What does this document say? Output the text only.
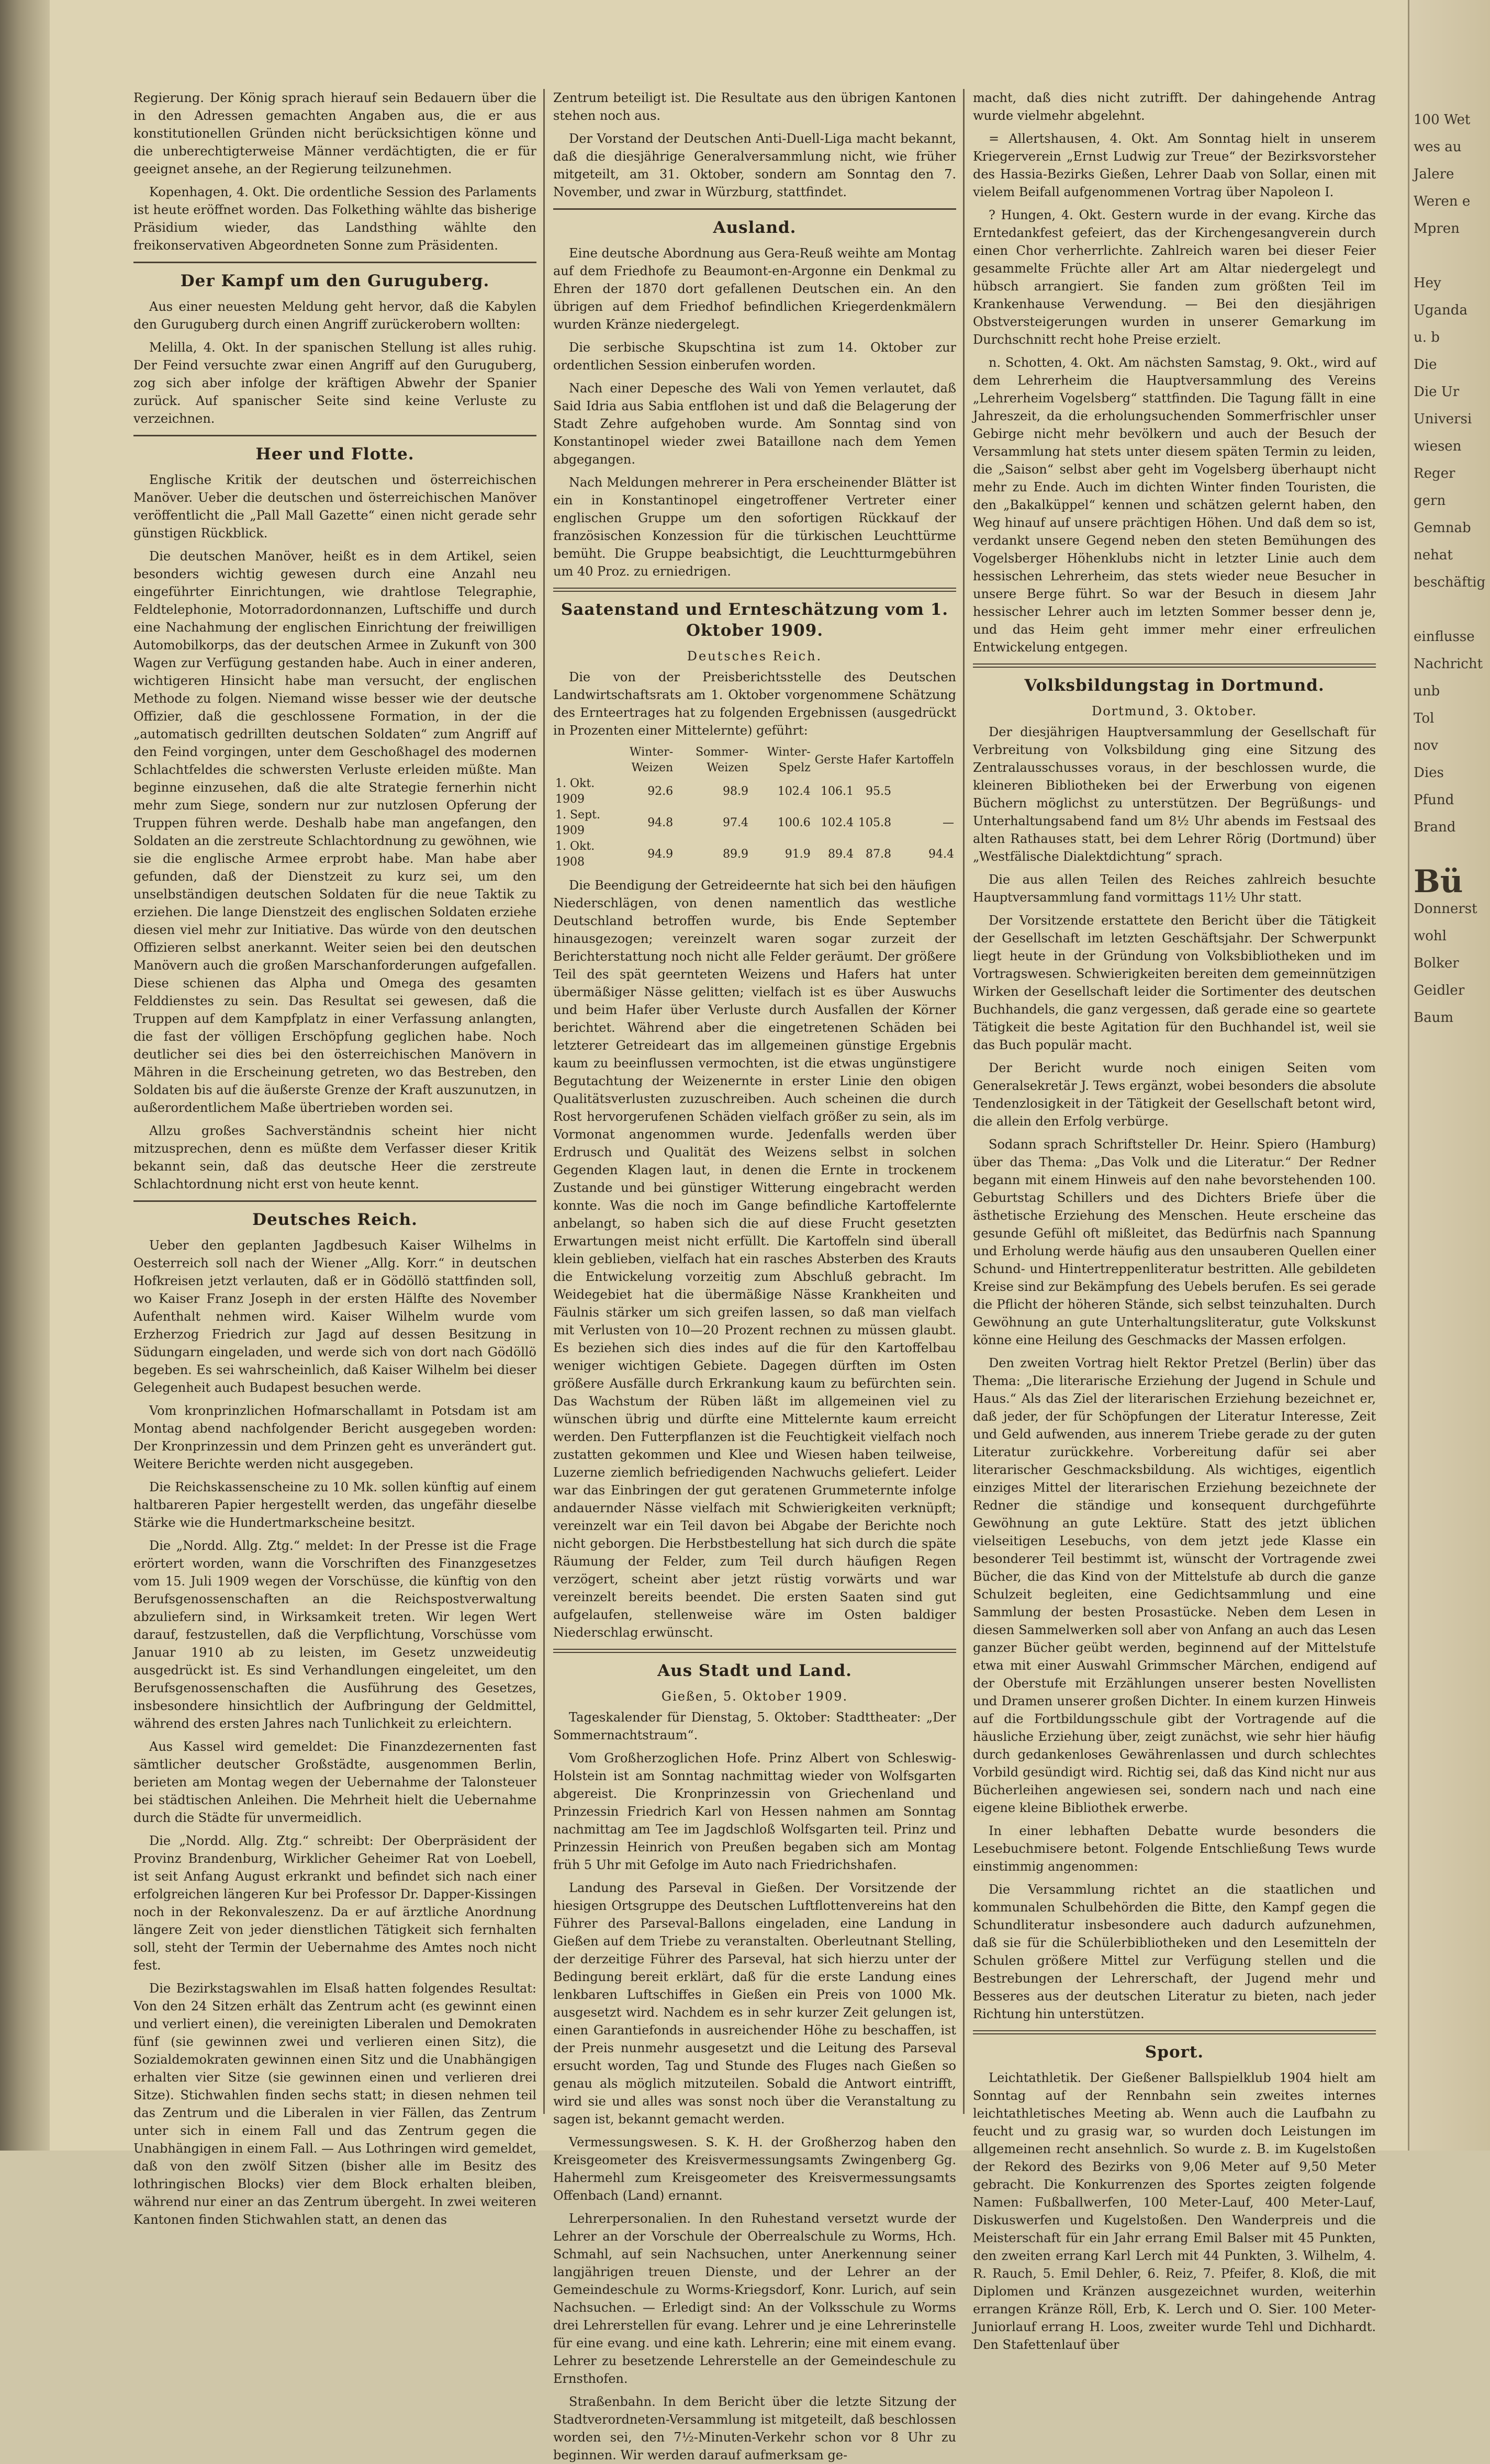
Regierung. Der König sprach hierauf sein Bedauern über die in den Adressen gemachten Angaben aus, die er aus konstitutionellen Gründen nicht berücksichtigen könne und die unberechtigterweise Männer verdächtigten, die er für geeignet ansehe, an der Regierung teilzunehmen.

Kopenhagen, 4. Okt. Die ordentliche Session des Parlaments ist heute eröffnet worden. Das Folkething wählte das bisherige Präsidium wieder, das Landsthing wählte den freikonservativen Abgeordneten Sonne zum Präsidenten.

Der Kampf um den Guruguberg.

Aus einer neuesten Meldung geht hervor, daß die Kabylen den Guruguberg durch einen Angriff zurückerobern wollten:

Melilla, 4. Okt. In der spanischen Stellung ist alles ruhig. Der Feind versuchte zwar einen Angriff auf den Guruguberg, zog sich aber infolge der kräftigen Abwehr der Spanier zurück. Auf spanischer Seite sind keine Verluste zu verzeichnen.

Heer und Flotte.

Englische Kritik der deutschen und österreichischen Manöver. Ueber die deutschen und österreichischen Manöver veröffentlicht die „Pall Mall Gazette“ einen nicht gerade sehr günstigen Rückblick.

Die deutschen Manöver, heißt es in dem Artikel, seien besonders wichtig gewesen durch eine Anzahl neu eingeführter Einrichtungen, wie drahtlose Telegraphie, Feldtelephonie, Motorradordonnanzen, Luftschiffe und durch eine Nachahmung der englischen Einrichtung der freiwilligen Automobilkorps, das der deutschen Armee in Zukunft von 300 Wagen zur Verfügung gestanden habe. Auch in einer anderen, wichtigeren Hinsicht habe man versucht, der englischen Methode zu folgen. Niemand wisse besser wie der deutsche Offizier, daß die geschlossene Formation, in der die „automatisch gedrillten deutschen Soldaten“ zum Angriff auf den Feind vorgingen, unter dem Geschoßhagel des modernen Schlachtfeldes die schwersten Verluste erleiden müßte. Man beginne einzusehen, daß die alte Strategie fernerhin nicht mehr zum Siege, sondern nur zur nutzlosen Opferung der Truppen führen werde. Deshalb habe man angefangen, den Soldaten an die zerstreute Schlachtordnung zu gewöhnen, wie sie die englische Armee erprobt habe. Man habe aber gefunden, daß der Dienstzeit zu kurz sei, um den unselbständigen deutschen Soldaten für die neue Taktik zu erziehen. Die lange Dienstzeit des englischen Soldaten erziehe diesen viel mehr zur Initiative. Das würde von den deutschen Offizieren selbst anerkannt. Weiter seien bei den deutschen Manövern auch die großen Marschanforderungen aufgefallen. Diese schienen das Alpha und Omega des gesamten Felddienstes zu sein. Das Resultat sei gewesen, daß die Truppen auf dem Kampfplatz in einer Verfassung anlangten, die fast der völligen Erschöpfung geglichen habe. Noch deutlicher sei dies bei den österreichischen Manövern in Mähren in die Erscheinung getreten, wo das Bestreben, den Soldaten bis auf die äußerste Grenze der Kraft auszunutzen, in außerordentlichem Maße übertrieben worden sei.

Allzu großes Sachverständnis scheint hier nicht mitzusprechen, denn es müßte dem Verfasser dieser Kritik bekannt sein, daß das deutsche Heer die zerstreute Schlachtordnung nicht erst von heute kennt.

Deutsches Reich.

Ueber den geplanten Jagdbesuch Kaiser Wilhelms in Oesterreich soll nach der Wiener „Allg. Korr.“ in deutschen Hofkreisen jetzt verlauten, daß er in Gödöllö stattfinden soll, wo Kaiser Franz Joseph in der ersten Hälfte des November Aufenthalt nehmen wird. Kaiser Wilhelm wurde vom Erzherzog Friedrich zur Jagd auf dessen Besitzung in Südungarn eingeladen, und werde sich von dort nach Gödöllö begeben. Es sei wahrscheinlich, daß Kaiser Wilhelm bei dieser Gelegenheit auch Budapest besuchen werde.

Vom kronprinzlichen Hofmarschallamt in Potsdam ist am Montag abend nachfolgender Bericht ausgegeben worden: Der Kronprinzessin und dem Prinzen geht es unverändert gut. Weitere Berichte werden nicht ausgegeben.

Die Reichskassenscheine zu 10 Mk. sollen künftig auf einem haltbareren Papier hergestellt werden, das ungefähr dieselbe Stärke wie die Hundertmarkscheine besitzt.

Die „Nordd. Allg. Ztg.“ meldet: In der Presse ist die Frage erörtert worden, wann die Vorschriften des Finanzgesetzes vom 15. Juli 1909 wegen der Vorschüsse, die künftig von den Berufsgenossenschaften an die Reichspostverwaltung abzuliefern sind, in Wirksamkeit treten. Wir legen Wert darauf, festzustellen, daß die Verpflichtung, Vorschüsse vom Januar 1910 ab zu leisten, im Gesetz unzweideutig ausgedrückt ist. Es sind Verhandlungen eingeleitet, um den Berufsgenossenschaften die Ausführung des Gesetzes, insbesondere hinsichtlich der Aufbringung der Geldmittel, während des ersten Jahres nach Tunlichkeit zu erleichtern.

Aus Kassel wird gemeldet: Die Finanzdezernenten fast sämtlicher deutscher Großstädte, ausgenommen Berlin, berieten am Montag wegen der Uebernahme der Talonsteuer bei städtischen Anleihen. Die Mehrheit hielt die Uebernahme durch die Städte für unvermeidlich.

Die „Nordd. Allg. Ztg.“ schreibt: Der Oberpräsident der Provinz Brandenburg, Wirklicher Geheimer Rat von Loebell, ist seit Anfang August erkrankt und befindet sich nach einer erfolgreichen längeren Kur bei Professor Dr. Dapper-Kissingen noch in der Rekonvaleszenz. Da er auf ärztliche Anordnung längere Zeit von jeder dienstlichen Tätigkeit sich fernhalten soll, steht der Termin der Uebernahme des Amtes noch nicht fest.

Die Bezirkstagswahlen im Elsaß hatten folgendes Resultat: Von den 24 Sitzen erhält das Zentrum acht (es gewinnt einen und verliert einen), die vereinigten Liberalen und Demokraten fünf (sie gewinnen zwei und verlieren einen Sitz), die Sozialdemokraten gewinnen einen Sitz und die Unabhängigen erhalten vier Sitze (sie gewinnen einen und verlieren drei Sitze). Stichwahlen finden sechs statt; in diesen nehmen teil das Zentrum und die Liberalen in vier Fällen, das Zentrum unter sich in einem Fall und das Zentrum gegen die Unabhängigen in einem Fall. — Aus Lothringen wird gemeldet, daß von den zwölf Sitzen (bisher alle im Besitz des lothringischen Blocks) vier dem Block erhalten bleiben, während nur einer an das Zentrum übergeht. In zwei weiteren Kantonen finden Stichwahlen statt, an denen das

Zentrum beteiligt ist. Die Resultate aus den übrigen Kantonen stehen noch aus.

Der Vorstand der Deutschen Anti-Duell-Liga macht bekannt, daß die diesjährige Generalversammlung nicht, wie früher mitgeteilt, am 31. Oktober, sondern am Sonntag den 7. November, und zwar in Würzburg, stattfindet.

Ausland.

Eine deutsche Abordnung aus Gera-Reuß weihte am Montag auf dem Friedhofe zu Beaumont-en-Argonne ein Denkmal zu Ehren der 1870 dort gefallenen Deutschen ein. An den übrigen auf dem Friedhof befindlichen Kriegerdenkmälern wurden Kränze niedergelegt.

Die serbische Skupschtina ist zum 14. Oktober zur ordentlichen Session einberufen worden.

Nach einer Depesche des Wali von Yemen verlautet, daß Said Idria aus Sabia entflohen ist und daß die Belagerung der Stadt Zehre aufgehoben wurde. Am Sonntag sind von Konstantinopel wieder zwei Bataillone nach dem Yemen abgegangen.

Nach Meldungen mehrerer in Pera erscheinender Blätter ist ein in Konstantinopel eingetroffener Vertreter einer englischen Gruppe um den sofortigen Rückkauf der französischen Konzession für die türkischen Leuchttürme bemüht. Die Gruppe beabsichtigt, die Leuchtturmgebühren um 40 Proz. zu erniedrigen.

Saatenstand und Ernteschätzung vom 1. Oktober 1909.
Deutsches Reich.

Die von der Preisberichtsstelle des Deutschen Landwirtschaftsrats am 1. Oktober vorgenommene Schätzung des Ernteertrages hat zu folgenden Ergebnissen (ausgedrückt in Prozenten einer Mittelernte) geführt:

	Winter-Weizen	Sommer-Weizen	Winter-Spelz	Gerste	Hafer	Kartoffeln
1. Okt. 1909	92.6	98.9	102.4	106.1	95.5	
1. Sept. 1909	94.8	97.4	100.6	102.4	105.8	—
1. Okt. 1908	94.9	89.9	91.9	89.4	87.8	94.4

Die Beendigung der Getreideernte hat sich bei den häufigen Niederschlägen, von denen namentlich das westliche Deutschland betroffen wurde, bis Ende September hinausgezogen; vereinzelt waren sogar zurzeit der Berichterstattung noch nicht alle Felder geräumt. Der größere Teil des spät geernteten Weizens und Hafers hat unter übermäßiger Nässe gelitten; vielfach ist es über Auswuchs und beim Hafer über Verluste durch Ausfallen der Körner berichtet. Während aber die eingetretenen Schäden bei letzterer Getreideart das im allgemeinen günstige Ergebnis kaum zu beeinflussen vermochten, ist die etwas ungünstigere Begutachtung der Weizenernte in erster Linie den obigen Qualitätsverlusten zuzuschreiben. Auch scheinen die durch Rost hervorgerufenen Schäden vielfach größer zu sein, als im Vormonat angenommen wurde. Jedenfalls werden über Erdrusch und Qualität des Weizens selbst in solchen Gegenden Klagen laut, in denen die Ernte in trockenem Zustande und bei günstiger Witterung eingebracht werden konnte. Was die noch im Gange befindliche Kartoffelernte anbelangt, so haben sich die auf diese Frucht gesetzten Erwartungen meist nicht erfüllt. Die Kartoffeln sind überall klein geblieben, vielfach hat ein rasches Absterben des Krauts die Entwickelung vorzeitig zum Abschluß gebracht. Im Weidegebiet hat die übermäßige Nässe Krankheiten und Fäulnis stärker um sich greifen lassen, so daß man vielfach mit Verlusten von 10—20 Prozent rechnen zu müssen glaubt. Es beziehen sich dies indes auf die für den Kartoffelbau weniger wichtigen Gebiete. Dagegen dürften im Osten größere Ausfälle durch Erkrankung kaum zu befürchten sein. Das Wachstum der Rüben läßt im allgemeinen viel zu wünschen übrig und dürfte eine Mittelernte kaum erreicht werden. Den Futterpflanzen ist die Feuchtigkeit vielfach noch zustatten gekommen und Klee und Wiesen haben teilweise, Luzerne ziemlich befriedigenden Nachwuchs geliefert. Leider war das Einbringen der gut geratenen Grummeternte infolge andauernder Nässe vielfach mit Schwierigkeiten verknüpft; vereinzelt war ein Teil davon bei Abgabe der Berichte noch nicht geborgen. Die Herbstbestellung hat sich durch die späte Räumung der Felder, zum Teil durch häufigen Regen verzögert, scheint aber jetzt rüstig vorwärts und war vereinzelt bereits beendet. Die ersten Saaten sind gut aufgelaufen, stellenweise wäre im Osten baldiger Niederschlag erwünscht.

Aus Stadt und Land.
Gießen, 5. Oktober 1909.

Tageskalender für Dienstag, 5. Oktober: Stadttheater: „Der Sommernachtstraum“.

Vom Großherzoglichen Hofe. Prinz Albert von Schleswig-Holstein ist am Sonntag nachmittag wieder von Wolfsgarten abgereist. Die Kronprinzessin von Griechenland und Prinzessin Friedrich Karl von Hessen nahmen am Sonntag nachmittag am Tee im Jagdschloß Wolfsgarten teil. Prinz und Prinzessin Heinrich von Preußen begaben sich am Montag früh 5 Uhr mit Gefolge im Auto nach Friedrichshafen.

Landung des Parseval in Gießen. Der Vorsitzende der hiesigen Ortsgruppe des Deutschen Luftflottenvereins hat den Führer des Parseval-Ballons eingeladen, eine Landung in Gießen auf dem Triebe zu veranstalten. Oberleutnant Stelling, der derzeitige Führer des Parseval, hat sich hierzu unter der Bedingung bereit erklärt, daß für die erste Landung eines lenkbaren Luftschiffes in Gießen ein Preis von 1000 Mk. ausgesetzt wird. Nachdem es in sehr kurzer Zeit gelungen ist, einen Garantiefonds in ausreichender Höhe zu beschaffen, ist der Preis nunmehr ausgesetzt und die Leitung des Parseval ersucht worden, Tag und Stunde des Fluges nach Gießen so genau als möglich mitzuteilen. Sobald die Antwort eintrifft, wird sie und alles was sonst noch über die Veranstaltung zu sagen ist, bekannt gemacht werden.

Vermessungswesen. S. K. H. der Großherzog haben den Kreisgeometer des Kreisvermessungsamts Zwingenberg Gg. Hahermehl zum Kreisgeometer des Kreisvermessungsamts Offenbach (Land) ernannt.

Lehrerpersonalien. In den Ruhestand versetzt wurde der Lehrer an der Vorschule der Oberrealschule zu Worms, Hch. Schmahl, auf sein Nachsuchen, unter Anerkennung seiner langjährigen treuen Dienste, und der Lehrer an der Gemeindeschule zu Worms-Kriegsdorf, Konr. Lurich, auf sein Nachsuchen. — Erledigt sind: An der Volksschule zu Worms drei Lehrerstellen für evang. Lehrer und je eine Lehrerinstelle für eine evang. und eine kath. Lehrerin; eine mit einem evang. Lehrer zu besetzende Lehrerstelle an der Gemeindeschule zu Ernsthofen.

Straßenbahn. In dem Bericht über die letzte Sitzung der Stadtverordneten-Versammlung ist mitgeteilt, daß beschlossen worden sei, den 7½-Minuten-Verkehr schon vor 8 Uhr zu beginnen. Wir werden darauf aufmerksam ge-

macht, daß dies nicht zutrifft. Der dahingehende Antrag wurde vielmehr abgelehnt.

= Allertshausen, 4. Okt. Am Sonntag hielt in unserem Kriegerverein „Ernst Ludwig zur Treue“ der Bezirksvorsteher des Hassia-Bezirks Gießen, Lehrer Daab von Sollar, einen mit vielem Beifall aufgenommenen Vortrag über Napoleon I.

? Hungen, 4. Okt. Gestern wurde in der evang. Kirche das Erntedankfest gefeiert, das der Kirchengesangverein durch einen Chor verherrlichte. Zahlreich waren bei dieser Feier gesammelte Früchte aller Art am Altar niedergelegt und hübsch arrangiert. Sie fanden zum größten Teil im Krankenhause Verwendung. — Bei den diesjährigen Obstversteigerungen wurden in unserer Gemarkung im Durchschnitt recht hohe Preise erzielt.

n. Schotten, 4. Okt. Am nächsten Samstag, 9. Okt., wird auf dem Lehrerheim die Hauptversammlung des Vereins „Lehrerheim Vogelsberg“ stattfinden. Die Tagung fällt in eine Jahreszeit, da die erholungsuchenden Sommerfrischler unser Gebirge nicht mehr bevölkern und auch der Besuch der Versammlung hat stets unter diesem späten Termin zu leiden, die „Saison“ selbst aber geht im Vogelsberg überhaupt nicht mehr zu Ende. Auch im dichten Winter finden Touristen, die den „Bakalküppel“ kennen und schätzen gelernt haben, den Weg hinauf auf unsere prächtigen Höhen. Und daß dem so ist, verdankt unsere Gegend neben den steten Bemühungen des Vogelsberger Höhenklubs nicht in letzter Linie auch dem hessischen Lehrerheim, das stets wieder neue Besucher in unsere Berge führt. So war der Besuch in diesem Jahr hessischer Lehrer auch im letzten Sommer besser denn je, und das Heim geht immer mehr einer erfreulichen Entwickelung entgegen.

Volksbildungstag in Dortmund.
Dortmund, 3. Oktober.

Der diesjährigen Hauptversammlung der Gesellschaft für Verbreitung von Volksbildung ging eine Sitzung des Zentralausschusses voraus, in der beschlossen wurde, die kleineren Bibliotheken bei der Erwerbung von eigenen Büchern möglichst zu unterstützen. Der Begrüßungs- und Unterhaltungsabend fand um 8½ Uhr abends im Festsaal des alten Rathauses statt, bei dem Lehrer Rörig (Dortmund) über „Westfälische Dialektdichtung“ sprach.

Die aus allen Teilen des Reiches zahlreich besuchte Hauptversammlung fand vormittags 11½ Uhr statt.

Der Vorsitzende erstattete den Bericht über die Tätigkeit der Gesellschaft im letzten Geschäftsjahr. Der Schwerpunkt liegt heute in der Gründung von Volksbibliotheken und im Vortragswesen. Schwierigkeiten bereiten dem gemeinnützigen Wirken der Gesellschaft leider die Sortimenter des deutschen Buchhandels, die ganz vergessen, daß gerade eine so geartete Tätigkeit die beste Agitation für den Buchhandel ist, weil sie das Buch populär macht.

Der Bericht wurde noch einigen Seiten vom Generalsekretär J. Tews ergänzt, wobei besonders die absolute Tendenzlosigkeit in der Tätigkeit der Gesellschaft betont wird, die allein den Erfolg verbürge.

Sodann sprach Schriftsteller Dr. Heinr. Spiero (Hamburg) über das Thema: „Das Volk und die Literatur.“ Der Redner begann mit einem Hinweis auf den nahe bevorstehenden 100. Geburtstag Schillers und des Dichters Briefe über die ästhetische Erziehung des Menschen. Heute erscheine das gesunde Gefühl oft mißleitet, das Bedürfnis nach Spannung und Erholung werde häufig aus den unsauberen Quellen einer Schund- und Hintertreppenliteratur bestritten. Alle gebildeten Kreise sind zur Bekämpfung des Uebels berufen. Es sei gerade die Pflicht der höheren Stände, sich selbst teinzuhalten. Durch Gewöhnung an gute Unterhaltungsliteratur, gute Volkskunst könne eine Heilung des Geschmacks der Massen erfolgen.

Den zweiten Vortrag hielt Rektor Pretzel (Berlin) über das Thema: „Die literarische Erziehung der Jugend in Schule und Haus.“ Als das Ziel der literarischen Erziehung bezeichnet er, daß jeder, der für Schöpfungen der Literatur Interesse, Zeit und Geld aufwenden, aus innerem Triebe gerade zu der guten Literatur zurückkehre. Vorbereitung dafür sei aber literarischer Geschmacksbildung. Als wichtiges, eigentlich einziges Mittel der literarischen Erziehung bezeichnete der Redner die ständige und konsequent durchgeführte Gewöhnung an gute Lektüre. Statt des jetzt üblichen vielseitigen Lesebuchs, von dem jetzt jede Klasse ein besonderer Teil bestimmt ist, wünscht der Vortragende zwei Bücher, die das Kind von der Mittelstufe ab durch die ganze Schulzeit begleiten, eine Gedichtsammlung und eine Sammlung der besten Prosastücke. Neben dem Lesen in diesen Sammelwerken soll aber von Anfang an auch das Lesen ganzer Bücher geübt werden, beginnend auf der Mittelstufe etwa mit einer Auswahl Grimmscher Märchen, endigend auf der Oberstufe mit Erzählungen unserer besten Novellisten und Dramen unserer großen Dichter. In einem kurzen Hinweis auf die Fortbildungsschule gibt der Vortragende auf die häusliche Erziehung über, zeigt zunächst, wie sehr hier häufig durch gedankenloses Gewährenlassen und durch schlechtes Vorbild gesündigt wird. Richtig sei, daß das Kind nicht nur aus Bücherleihen angewiesen sei, sondern nach und nach eine eigene kleine Bibliothek erwerbe.

In einer lebhaften Debatte wurde besonders die Lesebuchmisere betont. Folgende Entschließung Tews wurde einstimmig angenommen:

Die Versammlung richtet an die staatlichen und kommunalen Schulbehörden die Bitte, den Kampf gegen die Schundliteratur insbesondere auch dadurch aufzunehmen, daß sie für die Schülerbibliotheken und den Lesemitteln der Schulen größere Mittel zur Verfügung stellen und die Bestrebungen der Lehrerschaft, der Jugend mehr und Besseres aus der deutschen Literatur zu bieten, nach jeder Richtung hin unterstützen.

Sport.

Leichtathletik. Der Gießener Ballspielklub 1904 hielt am Sonntag auf der Rennbahn sein zweites internes leichtathletisches Meeting ab. Wenn auch die Laufbahn zu feucht und zu grasig war, so wurden doch Leistungen im allgemeinen recht ansehnlich. So wurde z. B. im Kugelstoßen der Rekord des Bezirks von 9,06 Meter auf 9,50 Meter gebracht. Die Konkurrenzen des Sportes zeigten folgende Namen: Fußballwerfen, 100 Meter-Lauf, 400 Meter-Lauf, Diskuswerfen und Kugelstoßen. Den Wanderpreis und die Meisterschaft für ein Jahr errang Emil Balser mit 45 Punkten, den zweiten errang Karl Lerch mit 44 Punkten, 3. Wilhelm, 4. R. Rauch, 5. Emil Dehler, 6. Reiz, 7. Pfeifer, 8. Kloß, die mit Diplomen und Kränzen ausgezeichnet wurden, weiterhin errangen Kränze Röll, Erb, K. Lerch und O. Sier. 100 Meter-Juniorlauf errang H. Loos, zweiter wurde Tehl und Dichhardt. Den Stafettenlauf über

100 Wet
wes au
Jalere
Weren e
Mpren

Hey
Uganda
u. b
Die
Die Ur
Universi
wiesen
Reger
gern
Gemnab
nehat
beschäftig

einflusse
Nachricht
unb
Tol
nov
Dies
Pfund
Brand

Bü
Donnerst
wohl
Bolker
Geidler
Baum
